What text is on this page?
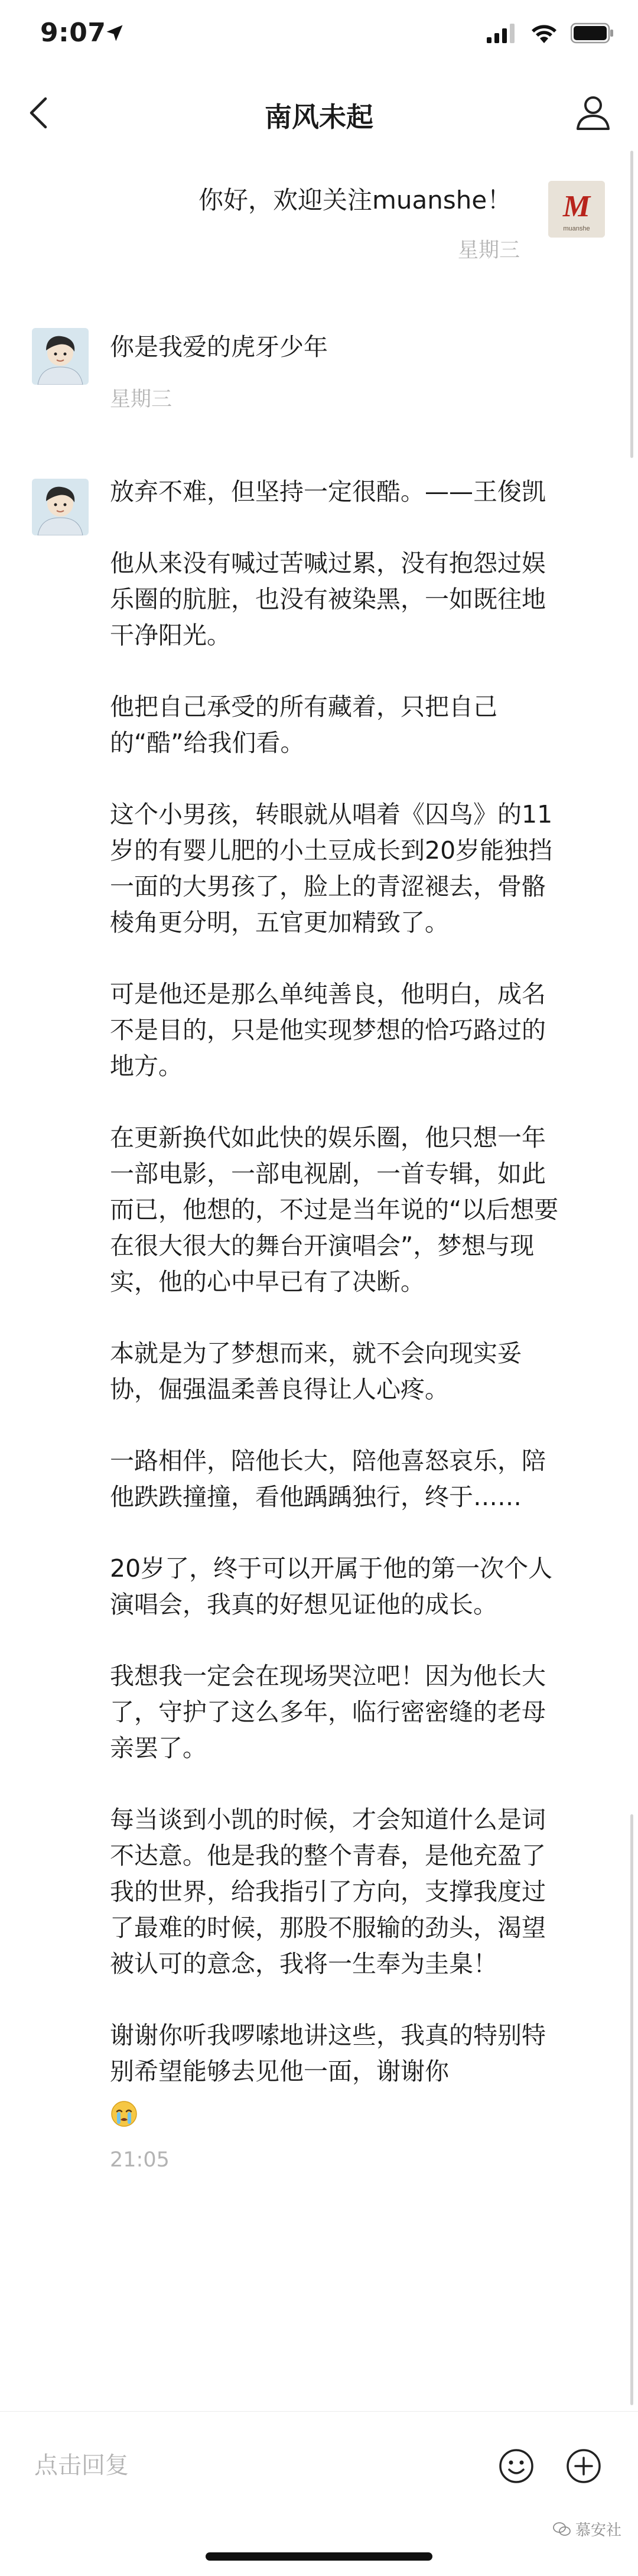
9:07
南风未起
你好，欢迎关注muanshe！
星期三
M
muanshe
你是我爱的虎牙少年
星期三

放弃不难，但坚持一定很酷。——王俊凯

他从来没有喊过苦喊过累，没有抱怨过娱乐圈的肮脏，也没有被染黑，一如既往地干净阳光。

他把自己承受的所有藏着，只把自己的“酷”给我们看。

这个小男孩，转眼就从唱着《囚鸟》的11岁的有婴儿肥的小土豆成长到20岁能独挡一面的大男孩了，脸上的青涩褪去，骨骼棱角更分明，五官更加精致了。

可是他还是那么单纯善良，他明白，成名不是目的，只是他实现梦想的恰巧路过的地方。

在更新换代如此快的娱乐圈，他只想一年一部电影，一部电视剧，一首专辑，如此而已，他想的，不过是当年说的“以后想要在很大很大的舞台开演唱会”，梦想与现实，他的心中早已有了决断。

本就是为了梦想而来，就不会向现实妥协，倔强温柔善良得让人心疼。

一路相伴，陪他长大，陪他喜怒哀乐，陪他跌跌撞撞，看他踽踽独行，终于……

20岁了，终于可以开属于他的第一次个人演唱会，我真的好想见证他的成长。

我想我一定会在现场哭泣吧！因为他长大了，守护了这么多年，临行密密缝的老母亲罢了。

每当谈到小凯的时候，才会知道什么是词不达意。他是我的整个青春，是他充盈了我的世界，给我指引了方向，支撑我度过了最难的时候，那股不服输的劲头，渴望被认可的意念，我将一生奉为圭臬！

谢谢你听我啰嗦地讲这些，我真的特别特别希望能够去见他一面，谢谢你

21:05
点击回复
慕安社
